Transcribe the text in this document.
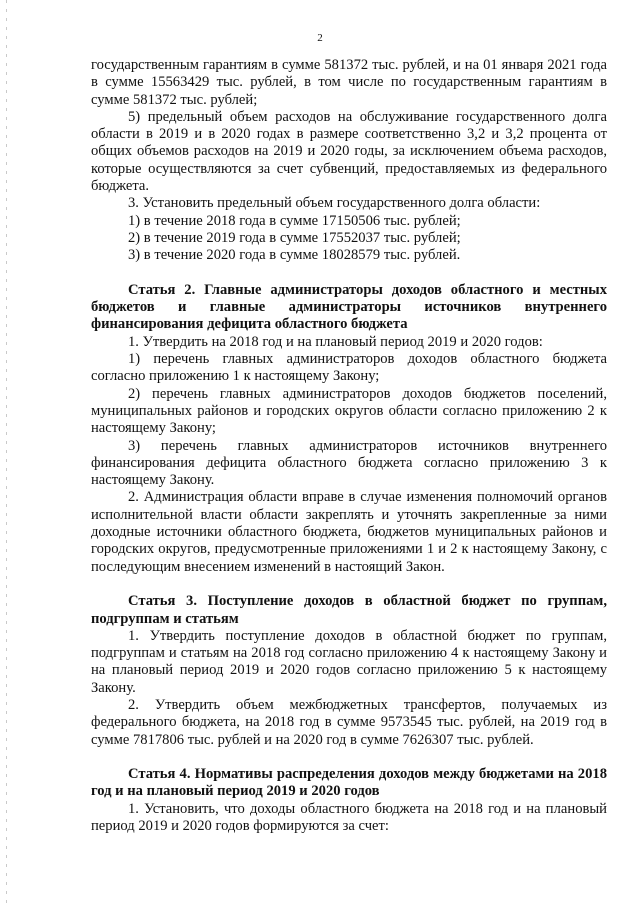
2

государственным гарантиям в сумме 581372 тыс. рублей, и на 01 января 2021 года в сумме 15563429 тыс. рублей, в том числе по государственным гарантиям в сумме 581372 тыс. рублей;

5) предельный объем расходов на обслуживание государственного долга области в 2019 и в 2020 годах в размере соответственно 3,2 и 3,2 процента от общих объемов расходов на 2019 и 2020 годы, за исключением объема расходов, которые осуществляются за счет субвенций, предоставляемых из федерального бюджета.

3. Установить предельный объем государственного долга области:

1) в течение 2018 года в сумме 17150506 тыс. рублей;

2) в течение 2019 года в сумме 17552037 тыс. рублей;

3) в течение 2020 года в сумме 18028579 тыс. рублей.

Статья 2. Главные администраторы доходов областного и местных бюджетов и главные администраторы источников внутреннего финансирования дефицита областного бюджета

1. Утвердить на 2018 год и на плановый период 2019 и 2020 годов:

1) перечень главных администраторов доходов областного бюджета согласно приложению 1 к настоящему Закону;

2) перечень главных администраторов доходов бюджетов поселений, муниципальных районов и городских округов области согласно приложению 2 к настоящему Закону;

3) перечень главных администраторов источников внутреннего финансирования дефицита областного бюджета согласно приложению 3 к настоящему Закону.

2. Администрация области вправе в случае изменения полномочий органов исполнительной власти области закреплять и уточнять закрепленные за ними доходные источники областного бюджета, бюджетов муниципальных районов и городских округов, предусмотренные приложениями 1 и 2 к настоящему Закону, с последующим внесением изменений в настоящий Закон.

Статья 3. Поступление доходов в областной бюджет по группам, подгруппам и статьям

1. Утвердить поступление доходов в областной бюджет по группам, подгруппам и статьям на 2018 год согласно приложению 4 к настоящему Закону и на плановый период 2019 и 2020 годов согласно приложению 5 к настоящему Закону.

2. Утвердить объем межбюджетных трансфертов, получаемых из федерального бюджета, на 2018 год в сумме 9573545 тыс. рублей, на 2019 год в сумме 7817806 тыс. рублей и на 2020 год в сумме 7626307 тыс. рублей.

Статья 4. Нормативы распределения доходов между бюджетами на 2018 год и на плановый период 2019 и 2020 годов

1. Установить, что доходы областного бюджета на 2018 год и на плановый период 2019 и 2020 годов формируются за счет:
